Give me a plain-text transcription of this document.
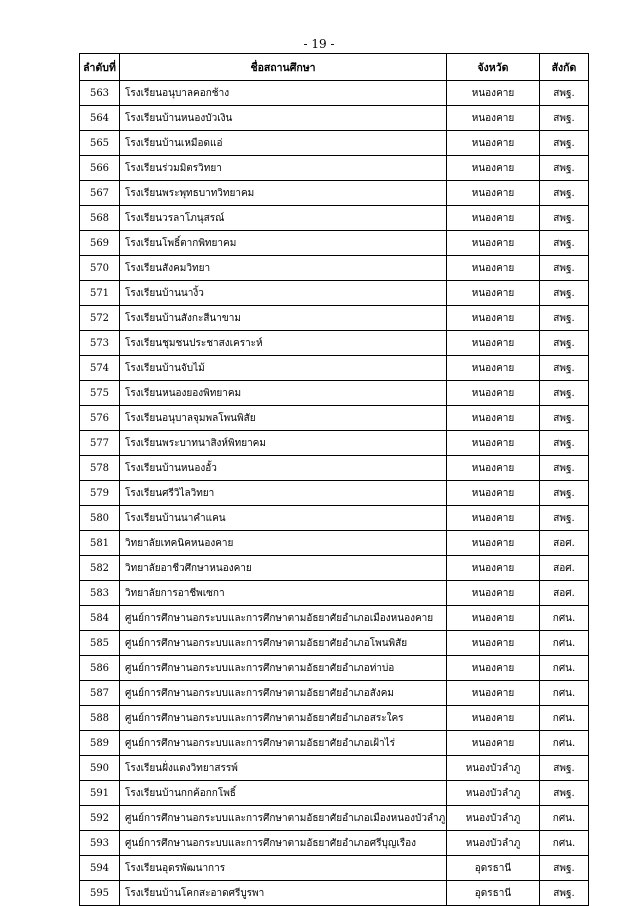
- 19 -
ลำดับที่	ชื่อสถานศึกษา	จังหวัด	สังกัด
563	โรงเรียนอนุบาลคอกช้าง	หนองคาย	สพฐ.
564	โรงเรียนบ้านหนองบัวเงิน	หนองคาย	สพฐ.
565	โรงเรียนบ้านเหมือดแอ่	หนองคาย	สพฐ.
566	โรงเรียนร่วมมิตรวิทยา	หนองคาย	สพฐ.
567	โรงเรียนพระพุทธบาทวิทยาคม	หนองคาย	สพฐ.
568	โรงเรียนวรลาโภนุสรณ์	หนองคาย	สพฐ.
569	โรงเรียนโพธิ์ตากพิทยาคม	หนองคาย	สพฐ.
570	โรงเรียนสังคมวิทยา	หนองคาย	สพฐ.
571	โรงเรียนบ้านนางิ้ว	หนองคาย	สพฐ.
572	โรงเรียนบ้านสังกะสีนาขาม	หนองคาย	สพฐ.
573	โรงเรียนชุมชนประชาสงเคราะห์	หนองคาย	สพฐ.
574	โรงเรียนบ้านจับไม้	หนองคาย	สพฐ.
575	โรงเรียนหนองยองพิทยาคม	หนองคาย	สพฐ.
576	โรงเรียนอนุบาลจุมพลโพนพิสัย	หนองคาย	สพฐ.
577	โรงเรียนพระบาทนาสิงห์พิทยาคม	หนองคาย	สพฐ.
578	โรงเรียนบ้านหนองอั้ว	หนองคาย	สพฐ.
579	โรงเรียนศรีวิไลวิทยา	หนองคาย	สพฐ.
580	โรงเรียนบ้านนาคำแคน	หนองคาย	สพฐ.
581	วิทยาลัยเทคนิคหนองคาย	หนองคาย	สอศ.
582	วิทยาลัยอาชีวศึกษาหนองคาย	หนองคาย	สอศ.
583	วิทยาลัยการอาชีพเซกา	หนองคาย	สอศ.
584	ศูนย์การศึกษานอกระบบและการศึกษาตามอัธยาศัยอำเภอเมืองหนองคาย	หนองคาย	กศน.
585	ศูนย์การศึกษานอกระบบและการศึกษาตามอัธยาศัยอำเภอโพนพิสัย	หนองคาย	กศน.
586	ศูนย์การศึกษานอกระบบและการศึกษาตามอัธยาศัยอำเภอท่าบ่อ	หนองคาย	กศน.
587	ศูนย์การศึกษานอกระบบและการศึกษาตามอัธยาศัยอำเภอสังคม	หนองคาย	กศน.
588	ศูนย์การศึกษานอกระบบและการศึกษาตามอัธยาศัยอำเภอสระใคร	หนองคาย	กศน.
589	ศูนย์การศึกษานอกระบบและการศึกษาตามอัธยาศัยอำเภอเฝ้าไร่	หนองคาย	กศน.
590	โรงเรียนฝั่งแดงวิทยาสรรพ์	หนองบัวลำภู	สพฐ.
591	โรงเรียนบ้านกกค้อกกโพธิ์	หนองบัวลำภู	สพฐ.
592	ศูนย์การศึกษานอกระบบและการศึกษาตามอัธยาศัยอำเภอเมืองหนองบัวลำภู	หนองบัวลำภู	กศน.
593	ศูนย์การศึกษานอกระบบและการศึกษาตามอัธยาศัยอำเภอศรีบุญเรือง	หนองบัวลำภู	กศน.
594	โรงเรียนอุดรพัฒนาการ	อุดรธานี	สพฐ.
595	โรงเรียนบ้านโคกสะอาดศรีบูรพา	อุดรธานี	สพฐ.
